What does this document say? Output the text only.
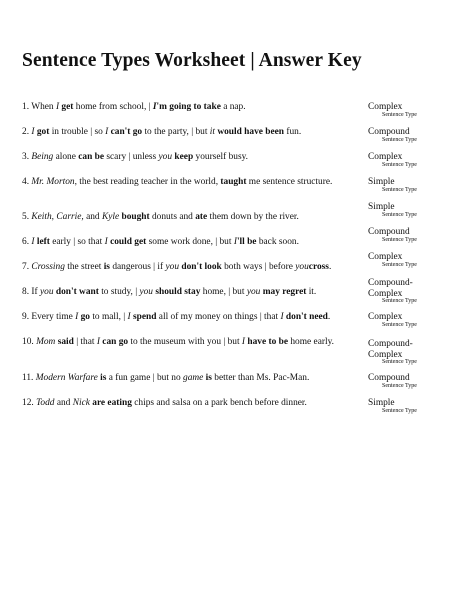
Sentence Types Worksheet | Answer Key
1. When I get home from school, | I'm going to take a nap.	Complex
Sentence Type
2. I got in trouble | so I can't go to the party, | but it would have been fun.	Compound
Sentence Type
3. Being alone can be scary | unless you keep yourself busy.	Complex
Sentence Type
4. Mr. Morton, the best reading teacher in the world, taught me sentence structure.	Simple
Sentence Type
5. Keith, Carrie, and Kyle bought donuts and ate them down by the river.
Simple
Sentence Type
6. I left early | so that I could get some work done, | but I'll be back soon.
Compound
Sentence Type
7. Crossing the street is dangerous | if you don't look both ways | before youcross.
Complex
Sentence Type
8. If you don't want to study, | you should stay home, | but you may regret it.
Compound-
Complex
Sentence Type
9. Every time I go to mall, | I spend all of my money on things | that I don't need.	Complex
Sentence Type
10. Mom said | that I can go to the museum with you | but I have to be home early.	Compound-
Complex
Sentence Type
11. Modern Warfare is a fun game | but no game is better than Ms. Pac-Man.	Compound
Sentence Type
12. Todd and Nick are eating chips and salsa on a park bench before dinner.	Simple
Sentence Type
